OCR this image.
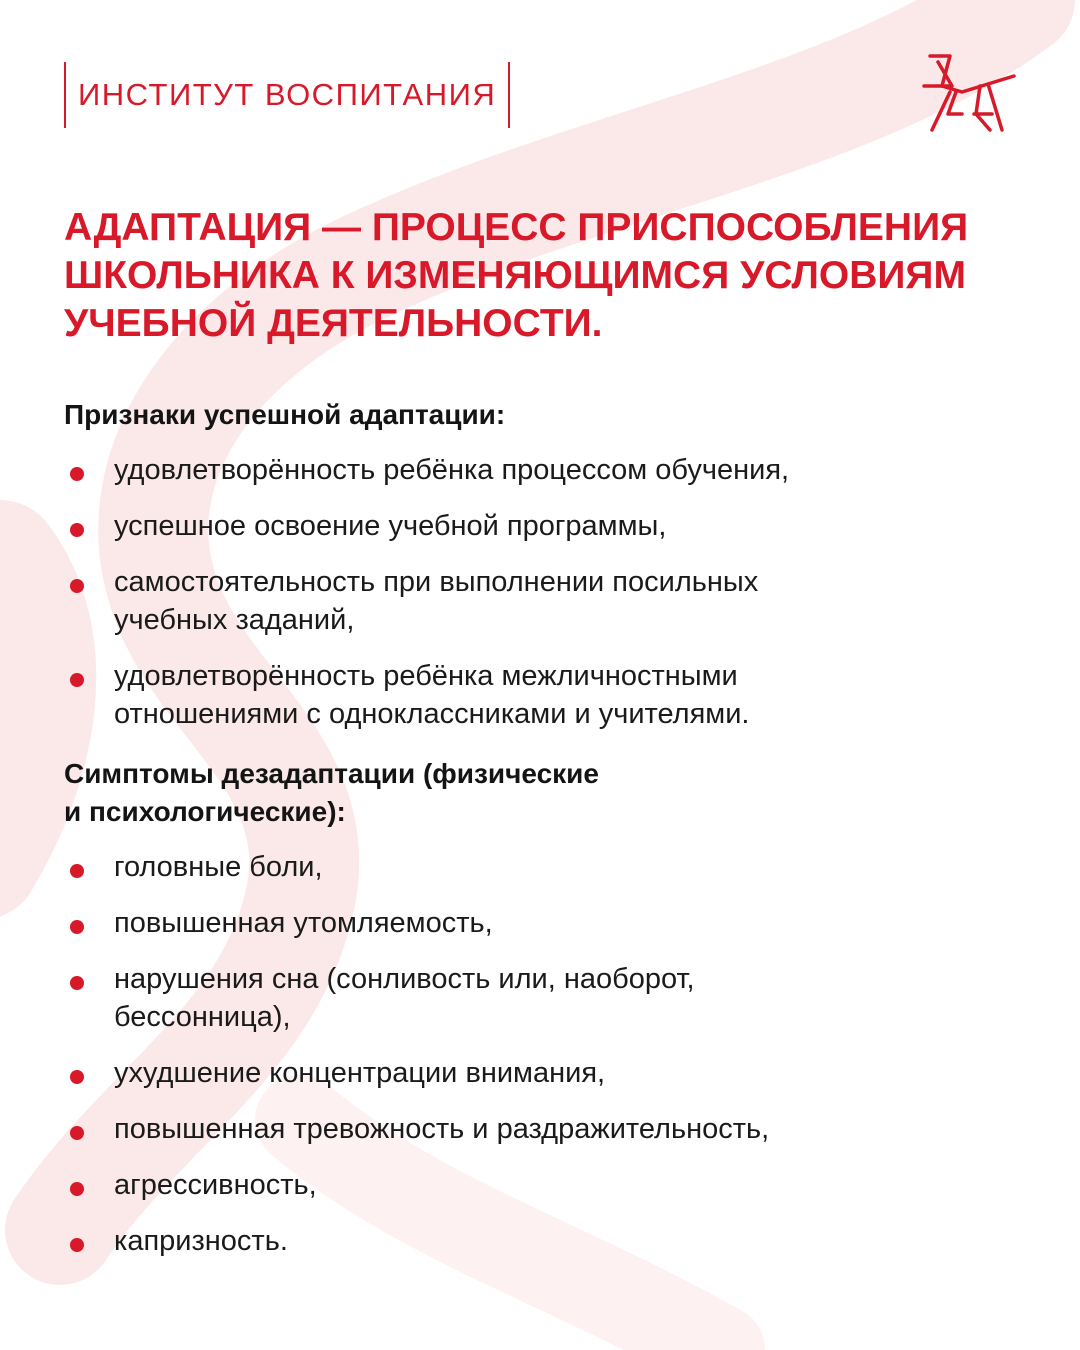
ИНСТИТУТ ВОСПИТАНИЯ
АДАПТАЦИЯ — ПРОЦЕСС ПРИСПОСОБЛЕНИЯ
ШКОЛЬНИКА К ИЗМЕНЯЮЩИМСЯ УСЛОВИЯМ
УЧЕБНОЙ ДЕЯТЕЛЬНОСТИ.
Признаки успешной адаптации:
удовлетворённость ребёнка процессом обучения,
успешное освоение учебной программы,
самостоятельность при выполнении посильных
учебных заданий,
удовлетворённость ребёнка межличностными
отношениями с одноклассниками и учителями.
Симптомы дезадаптации (физические
и психологические):
головные боли,
повышенная утомляемость,
нарушения сна (сонливость или, наоборот,
бессонница),
ухудшение концентрации внимания,
повышенная тревожность и раздражительность,
агрессивность,
капризность.
